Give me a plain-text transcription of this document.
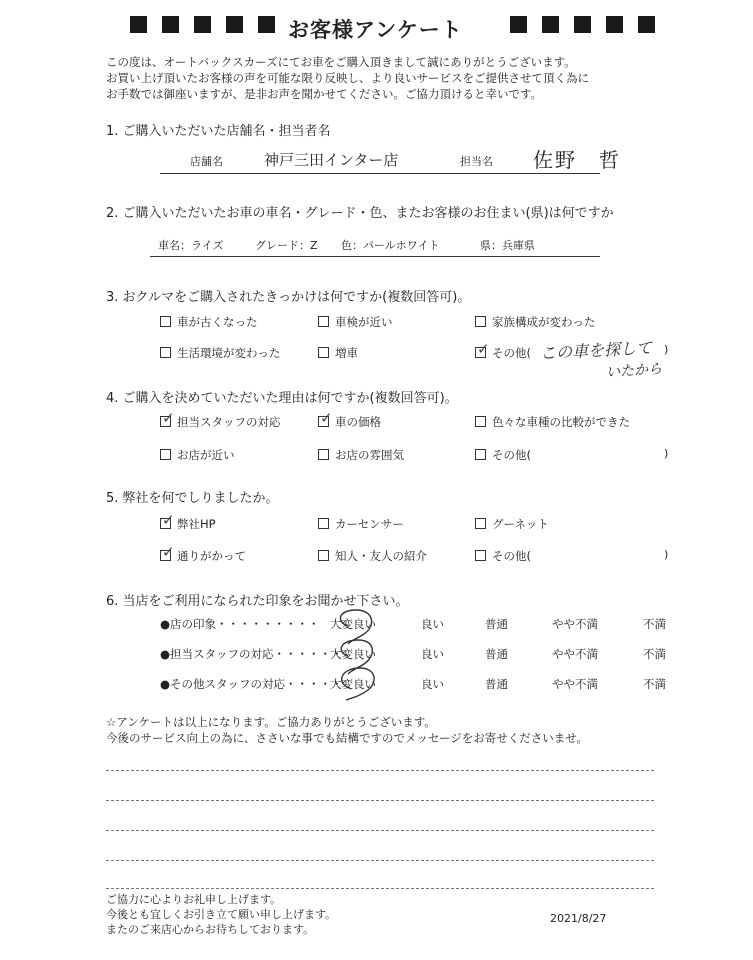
お客様アンケート
この度は、オートバックスカーズにてお車をご購入頂きまして誠にありがとうございます。
お買い上げ頂いたお客様の声を可能な限り反映し、より良いサービスをご提供させて頂く為に
お手数では御座いますが、是非お声を聞かせてください。ご協力頂けると幸いです。
1. ご購入いただいた店舗名・担当者名
店舗名	神戸三田インター店	担当名 佐野　哲
2. ご購入いただいたお車の車名・グレード・色、またお客様のお住まい(県)は何ですか
車名：ライズ	グレード：Z 色：パールホワイト	県：兵庫県
3. おクルマをご購入されたきっかけは何ですか(複数回答可)。
車が古くなった	車検が近い	家族構成が変わった
生活環境が変わった	増車	✓ その他( この車を探して
いたから
)
4. ご購入を決めていただいた理由は何ですか(複数回答可)。
✓ 担当スタッフの対応	✓ 車の価格	色々な車種の比較ができた
お店が近い	お店の雰囲気	その他(	)
5. 弊社を何でしりましたか。
✓ 弊社HP	カーセンサー	グーネット
✓ 通りがかって	知人・友人の紹介	その他(	)
6. 当店をご利用になられた印象をお聞かせ下さい。
●店の印象・・・・・・・・・ 大変良い	良い	普通	やや不満	不満
●担当スタッフの対応・・・・・・
大変良い	良い	普通	やや不満	不満
●その他スタッフの対応・・・・・
大変良い	良い	普通	やや不満	不満
☆アンケートは以上になります。ご協力ありがとうございます。
今後のサービス向上の為に、ささいな事でも結構ですのでメッセージをお寄せくださいませ。
ご協力に心よりお礼申し上げます。
今後とも宜しくお引き立て願い申し上げます。
またのご来店心からお待ちしております。
2021/8/27
